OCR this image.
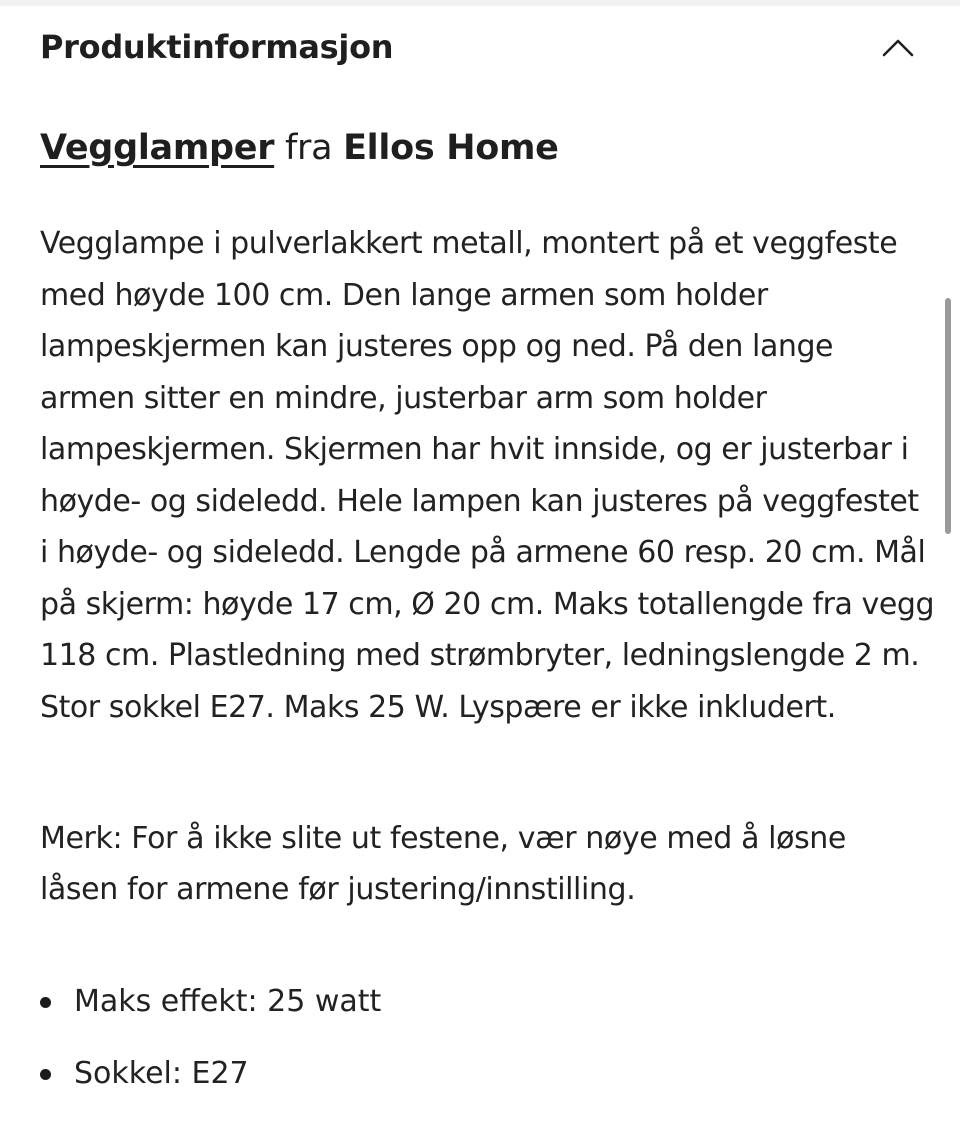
Produktinformasjon
Vegglamper fra Ellos Home

Vegglampe i pulverlakkert metall, montert på et veggfeste med høyde 100 cm. Den lange armen som holder lampeskjermen kan justeres opp og ned. På den lange armen sitter en mindre, justerbar arm som holder lampeskjermen. Skjermen har hvit innside, og er justerbar i høyde- og sideledd. Hele lampen kan justeres på veggfestet i høyde- og sideledd. Lengde på armene 60 resp. 20 cm. Mål på skjerm: høyde 17 cm, Ø 20 cm. Maks totallengde fra vegg 118 cm. Plastledning med strømbryter, ledningslengde 2 m. Stor sokkel E27. Maks 25 W. Lyspære er ikke inkludert.

Merk: For å ikke slite ut festene, vær nøye med å løsne låsen for armene før justering/innstilling.

Maks effekt: 25 watt
Sokkel: E27
